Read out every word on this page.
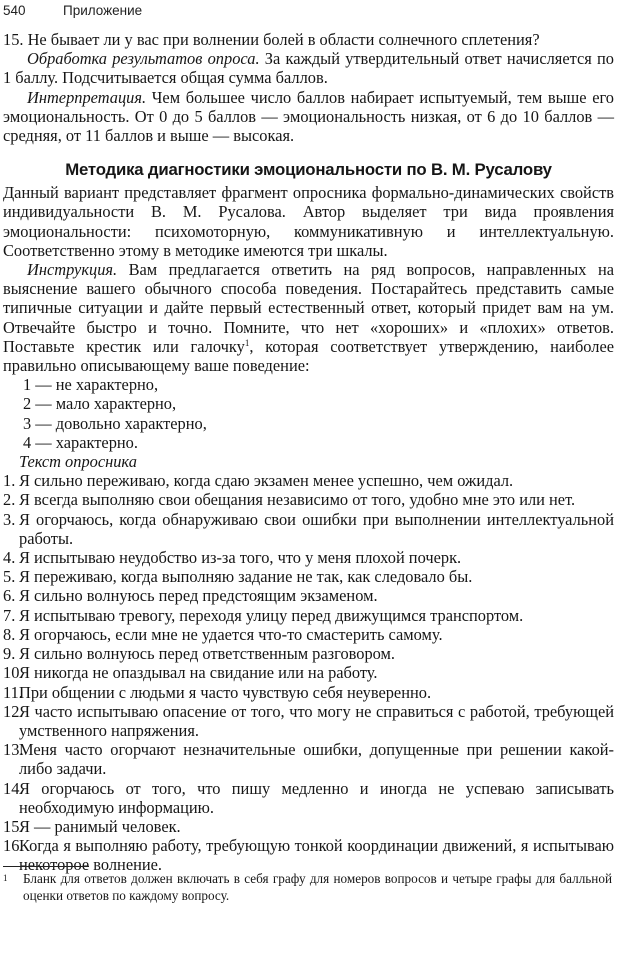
540	Приложение

15. Не бывает ли у вас при волнении болей в области солнечного сплетения?

Обработка результатов опроса. За каждый утвердительный ответ начисляется по 1 баллу. Подсчитывается общая сумма баллов.

Интерпретация. Чем большее число баллов набирает испытуемый, тем выше его эмоциональность. От 0 до 5 баллов — эмоциональность низкая, от 6 до 10 баллов — средняя, от 11 баллов и выше — высокая.

Методика диагностики эмоциональности по В. М. Русалову

Данный вариант представляет фрагмент опросника формально-динамических свойств индивидуальности В. М. Русалова. Автор выделяет три вида проявления эмоциональности: психомоторную, коммуникативную и интеллектуальную. Соответственно этому в методике имеются три шкалы.

Инструкция. Вам предлагается ответить на ряд вопросов, направленных на выяснение вашего обычного способа поведения. Постарайтесь представить самые типичные ситуации и дайте первый естественный ответ, который придет вам на ум. Отвечайте быстро и точно. Помните, что нет «хороших» и «плохих» ответов. Поставьте крестик или галочку$^1$, которая соответствует утверждению, наиболее правильно описывающему ваше поведение:

1 — не характерно,

2 — мало характерно,

3 — довольно характерно,

4 — характерно.

Текст опросника

1. Я сильно переживаю, когда сдаю экзамен менее успешно, чем ожидал.

2. Я всегда выполняю свои обещания независимо от того, удобно мне это или нет.

3. Я огорчаюсь, когда обнаруживаю свои ошибки при выполнении интеллектуальной работы.

4. Я испытываю неудобство из-за того, что у меня плохой почерк.

5. Я переживаю, когда выполняю задание не так, как следовало бы.

6. Я сильно волнуюсь перед предстоящим экзаменом.

7. Я испытываю тревогу, переходя улицу перед движущимся транспортом.

8. Я огорчаюсь, если мне не удается что-то смастерить самому.

9. Я сильно волнуюсь перед ответственным разговором.

10.Я никогда не опаздывал на свидание или на работу.

11.При общении с людьми я часто чувствую себя неуверенно.

12.Я часто испытываю опасение от того, что могу не справиться с работой, требующей умственного напряжения.

13.Меня часто огорчают незначительные ошибки, допущенные при решении какой-либо задачи.

14.Я огорчаюсь от того, что пишу медленно и иногда не успеваю записывать необходимую информацию.

15.Я — ранимый человек.

16.Когда я выполняю работу, требующую тонкой координации движений, я испытываю некоторое волнение.

1 Бланк для ответов должен включать в себя графу для номеров вопросов и четыре графы для балльной оценки ответов по каждому вопросу.
